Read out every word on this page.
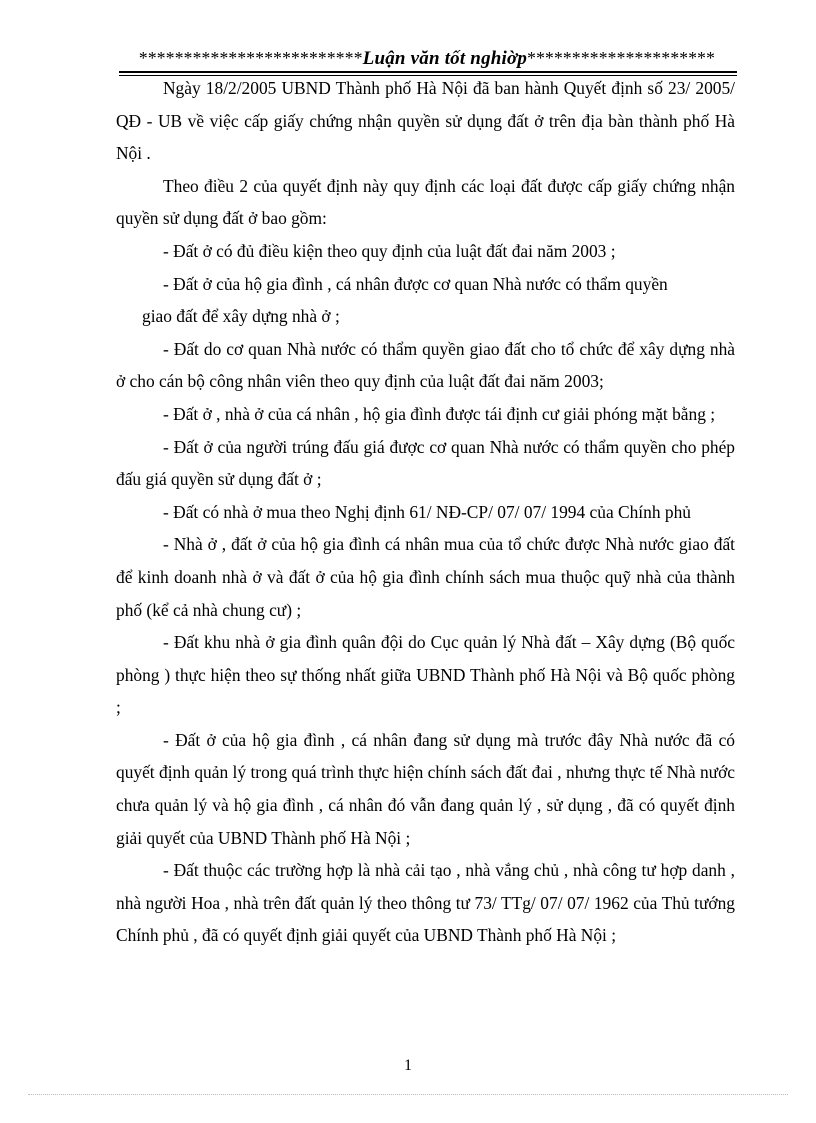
*************************Luận văn tốt nghiờp*********************

Ngày 18/2/2005 UBND Thành phố Hà Nội đã ban hành Quyết định số 23/ 2005/ QĐ - UB về việc cấp giấy chứng nhận quyền sử dụng đất ở trên địa bàn thành phố Hà Nội .

Theo điều 2 của quyết định này quy định các loại đất được cấp giấy chứng nhận quyền sử dụng đất ở bao gồm:

- Đất ở có đủ điều kiện theo quy định của luật đất đai năm 2003 ;

- Đất ở của hộ gia đình , cá nhân được cơ quan Nhà nước có thẩm quyền
giao đất để xây dựng nhà ở ;

- Đất do cơ quan Nhà nước có thẩm quyền giao đất cho tổ chức để xây dựng nhà ở cho cán bộ công nhân viên theo quy định của luật đất đai năm 2003;

- Đất ở , nhà ở của cá nhân , hộ gia đình được tái định cư giải phóng mặt bằng ;

- Đất ở của người trúng đấu giá được cơ quan Nhà nước có thẩm quyền cho phép đấu giá quyền sử dụng đất ở ;

- Đất có nhà ở mua theo Nghị định 61/ NĐ-CP/ 07/ 07/ 1994 của Chính phủ

- Nhà ở , đất ở của hộ gia đình cá nhân mua của tổ chức được Nhà nước giao đất để kinh doanh nhà ở và đất ở của hộ gia đình chính sách mua thuộc quỹ nhà của thành phố (kể cả nhà chung cư) ;

- Đất khu nhà ở gia đình quân đội do Cục quản lý Nhà đất – Xây dựng (Bộ quốc phòng ) thực hiện theo sự thống nhất giữa UBND Thành phố Hà Nội và Bộ quốc phòng ;

- Đất ở của hộ gia đình , cá nhân đang sử dụng mà trước đây Nhà nước đã có quyết định quản lý trong quá trình thực hiện chính sách đất đai , nhưng thực tế Nhà nước chưa quản lý và hộ gia đình , cá nhân đó vẫn đang quản lý , sử dụng , đã có quyết định giải quyết của UBND Thành phố Hà Nội ;

- Đất thuộc các trường hợp là nhà cải tạo , nhà vắng chủ , nhà công tư hợp danh , nhà người Hoa , nhà trên đất quản lý theo thông tư 73/ TTg/ 07/ 07/ 1962 của Thủ tướng Chính phủ , đã có quyết định giải quyết của UBND Thành phố Hà Nội ;

1
